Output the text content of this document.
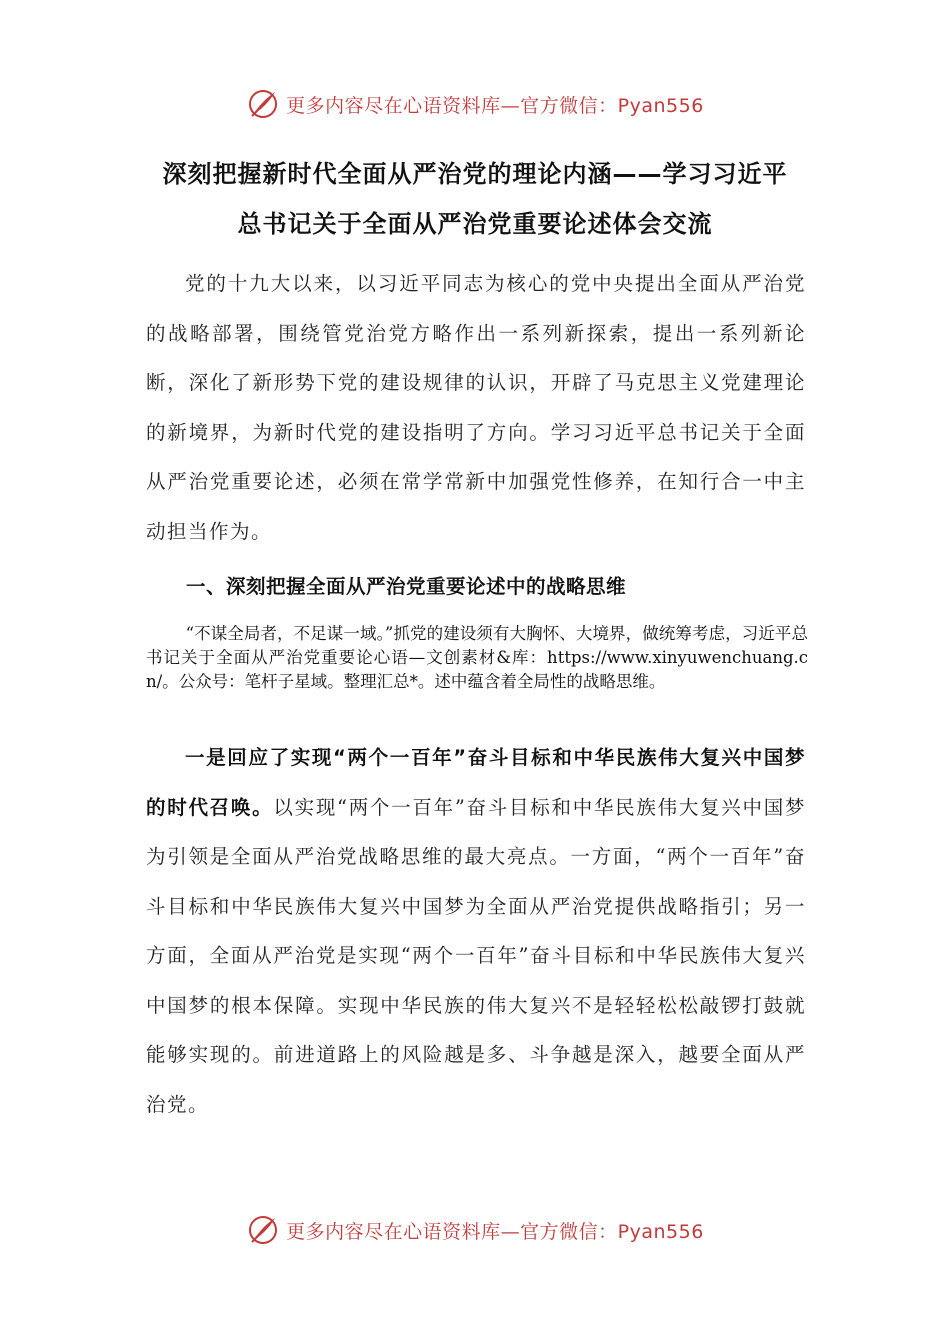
更多内容尽在心语资料库—官方微信：Pyan556
深刻把握新时代全面从严治党的理论内涵——学习习近平
总书记关于全面从严治党重要论述体会交流
党的十九大以来，以习近平同志为核心的党中央提出全面从严治党的战略部署，围绕管党治党方略作出一系列新探索，提出一系列新论断，深化了新形势下党的建设规律的认识，开辟了马克思主义党建理论的新境界，为新时代党的建设指明了方向。学习习近平总书记关于全面从严治党重要论述，必须在常学常新中加强党性修养，在知行合一中主动担当作为。
一、深刻把握全面从严治党重要论述中的战略思维
“不谋全局者，不足谋一域。”抓党的建设须有大胸怀、大境界，做统筹考虑，习近平总书记关于全面从严治党重要论心语—文创素材&库：https://www.xinyuwenchuang.cn/。公众号：笔杆子星域。整理汇总*。述中蕴含着全局性的战略思维。
一是回应了实现“两个一百年”奋斗目标和中华民族伟大复兴中国梦的时代召唤。以实现“两个一百年”奋斗目标和中华民族伟大复兴中国梦为引领是全面从严治党战略思维的最大亮点。一方面，“两个一百年”奋斗目标和中华民族伟大复兴中国梦为全面从严治党提供战略指引；另一方面，全面从严治党是实现“两个一百年”奋斗目标和中华民族伟大复兴中国梦的根本保障。实现中华民族的伟大复兴不是轻轻松松敲锣打鼓就能够实现的。前进道路上的风险越是多、斗争越是深入，越要全面从严治党。
更多内容尽在心语资料库—官方微信：Pyan556
